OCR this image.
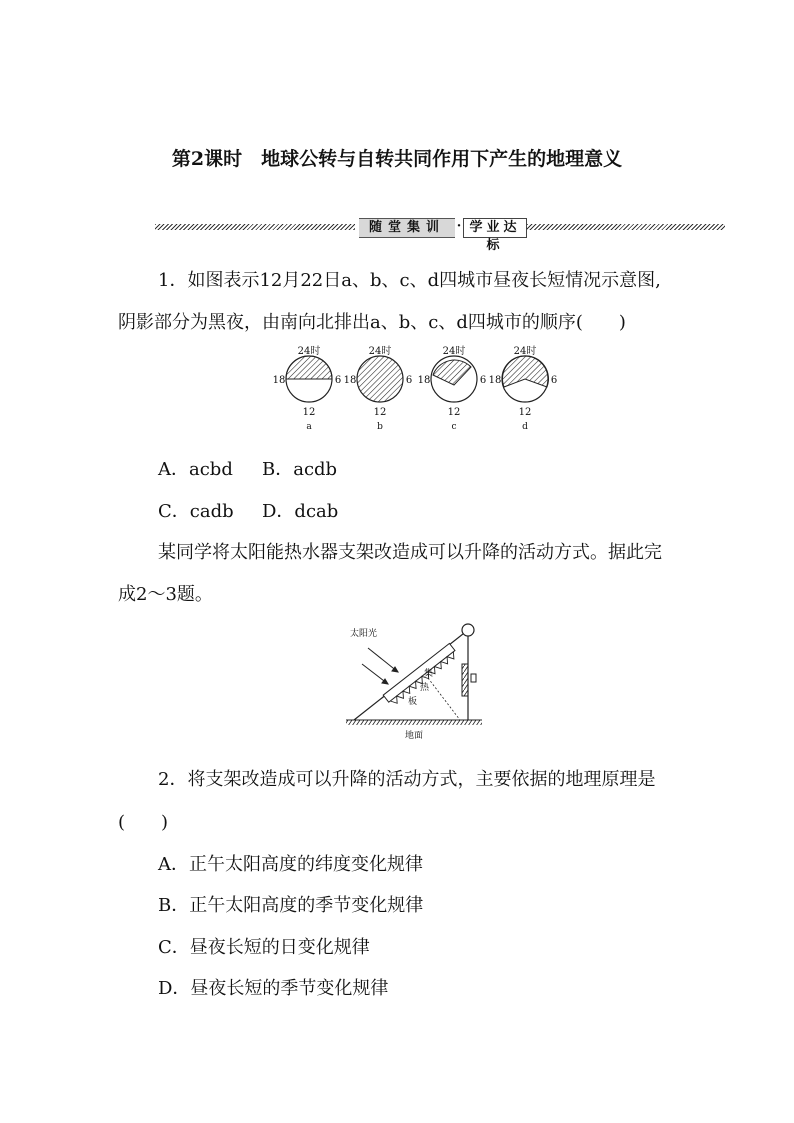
第2课时　地球公转与自转共同作用下产生的地理意义
随堂集训 · 学业达标
1．如图表示12月22日a、b、c、d四城市昼夜长短情况示意图,
阴影部分为黑夜，由南向北排出a、b、c、d四城市的顺序(　　)
24时
18	6
12
a
24时
18	6
12
b
24时
18	6
12
c
24时
18	6
12
d
A．acbd B．acdb
C．cadb D．dcab
某同学将太阳能热水器支架改造成可以升降的活动方式。据此完
成2～3题。
地面
太阳光
集
热
板
2．将支架改造成可以升降的活动方式，主要依据的地理原理是
(　　)
A．正午太阳高度的纬度变化规律
B．正午太阳高度的季节变化规律
C．昼夜长短的日变化规律
D．昼夜长短的季节变化规律
